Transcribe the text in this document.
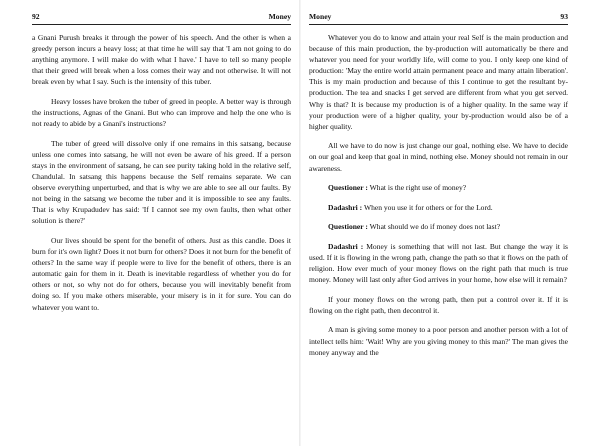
92	Money

a Gnani Purush breaks it through the power of his speech. And the other is when a greedy person incurs a heavy loss; at that time he will say that 'I am not going to do anything anymore. I will make do with what I have.' I have to tell so many people that their greed will break when a loss comes their way and not otherwise. It will not break even by what I say. Such is the intensity of this tuber.

Heavy losses have broken the tuber of greed in people. A better way is through the instructions, Agnas of the Gnani. But who can improve and help the one who is not ready to abide by a Gnani's instructions?

The tuber of greed will dissolve only if one remains in this satsang, because unless one comes into satsang, he will not even be aware of his greed. If a person stays in the environment of satsang, he can see purity taking hold in the relative self, Chandulal. In satsang this happens because the Self remains separate. We can observe everything unperturbed, and that is why we are able to see all our faults. By not being in the satsang we become the tuber and it is impossible to see any faults. That is why Krupadudev has said: 'If I cannot see my own faults, then what other solution is there?'

Our lives should be spent for the benefit of others. Just as this candle. Does it burn for it's own light? Does it not burn for others? Does it not burn for the benefit of others? In the same way if people were to live for the benefit of others, there is an automatic gain for them in it. Death is inevitable regardless of whether you do for others or not, so why not do for others, because you will inevitably benefit from doing so. If you make others miserable, your misery is in it for sure. You can do whatever you want to.

Money	93

Whatever you do to know and attain your real Self is the main production and because of this main production, the by-production will automatically be there and whatever you need for your worldly life, will come to you. I only keep one kind of production: 'May the entire world attain permanent peace and many attain liberation'. This is my main production and because of this I continue to get the resultant by-production. The tea and snacks I get served are different from what you get served. Why is that? It is because my production is of a higher quality. In the same way if your production were of a higher quality, your by-production would also be of a higher quality.

All we have to do now is just change our goal, nothing else. We have to decide on our goal and keep that goal in mind, nothing else. Money should not remain in our awareness.

Questioner : What is the right use of money?

Dadashri : When you use it for others or for the Lord.

Questioner : What should we do if money does not last?

Dadashri : Money is something that will not last. But change the way it is used. If it is flowing in the wrong path, change the path so that it flows on the path of religion. How ever much of your money flows on the right path that much is true money. Money will last only after God arrives in your home, how else will it remain?

If your money flows on the wrong path, then put a control over it. If it is flowing on the right path, then decontrol it.

A man is giving some money to a poor person and another person with a lot of intellect tells him: 'Wait! Why are you giving money to this man?' The man gives the money anyway and the
